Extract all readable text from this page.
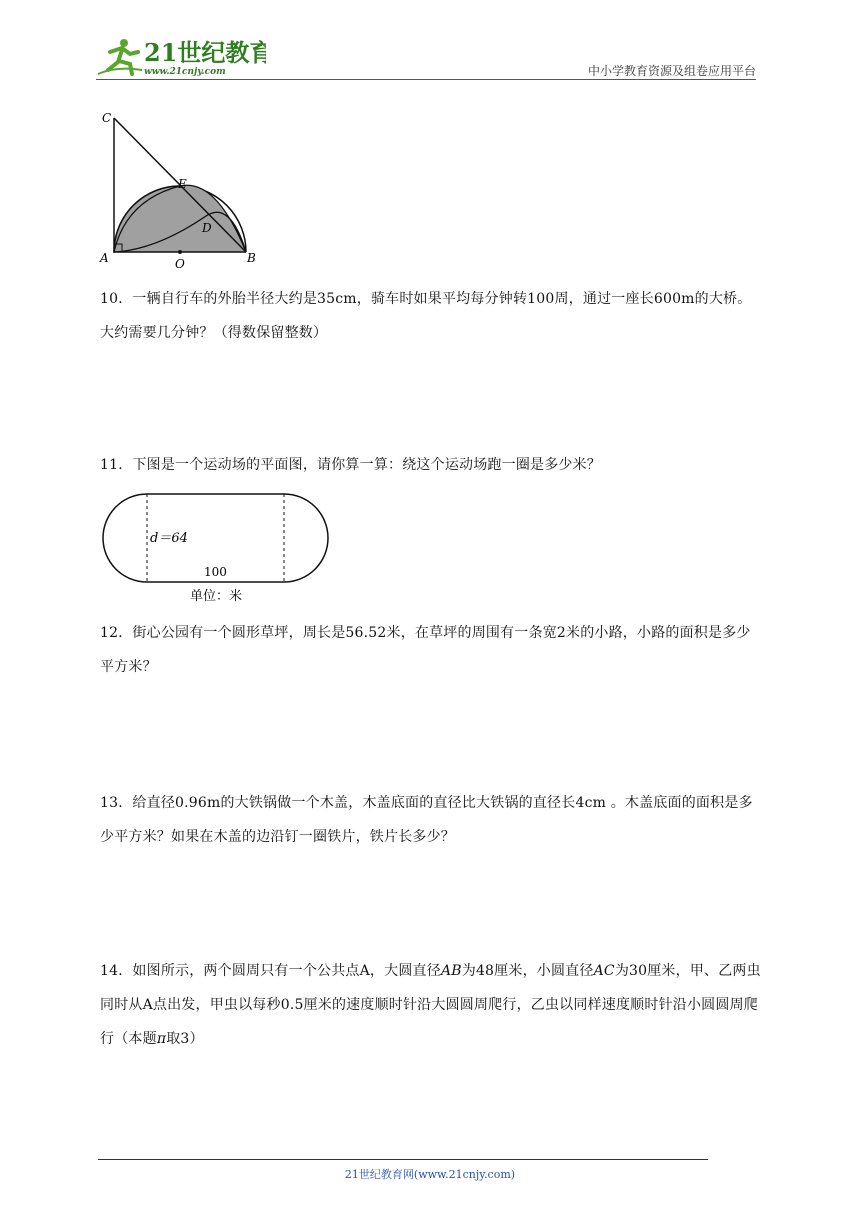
21世纪教育
www.21cnjy.com	中小学教育资源及组卷应用平台
C
E
D
A	O	B
10．一辆自行车的外胎半径大约是35cm，骑车时如果平均每分钟转100周，通过一座长600m的大桥。大约需要几分钟？（得数保留整数）
11．下图是一个运动场的平面图，请你算一算：绕这个运动场跑一圈是多少米？
d＝64
100
单位：米
12．街心公园有一个圆形草坪，周长是56.52米，在草坪的周围有一条宽2米的小路，小路的面积是多少平方米？
13．给直径0.96m的大铁锅做一个木盖，木盖底面的直径比大铁锅的直径长4cm 。木盖底面的面积是多少平方米？如果在木盖的边沿钉一圈铁片，铁片长多少？
14．如图所示，两个圆周只有一个公共点A，大圆直径AB为48厘米，小圆直径AC为30厘米，甲、乙两虫同时从A点出发，甲虫以每秒0.5厘米的速度顺时针沿大圆圆周爬行，乙虫以同样速度顺时针沿小圆圆周爬行（本题π取3）
21世纪教育网(www.21cnjy.com)
